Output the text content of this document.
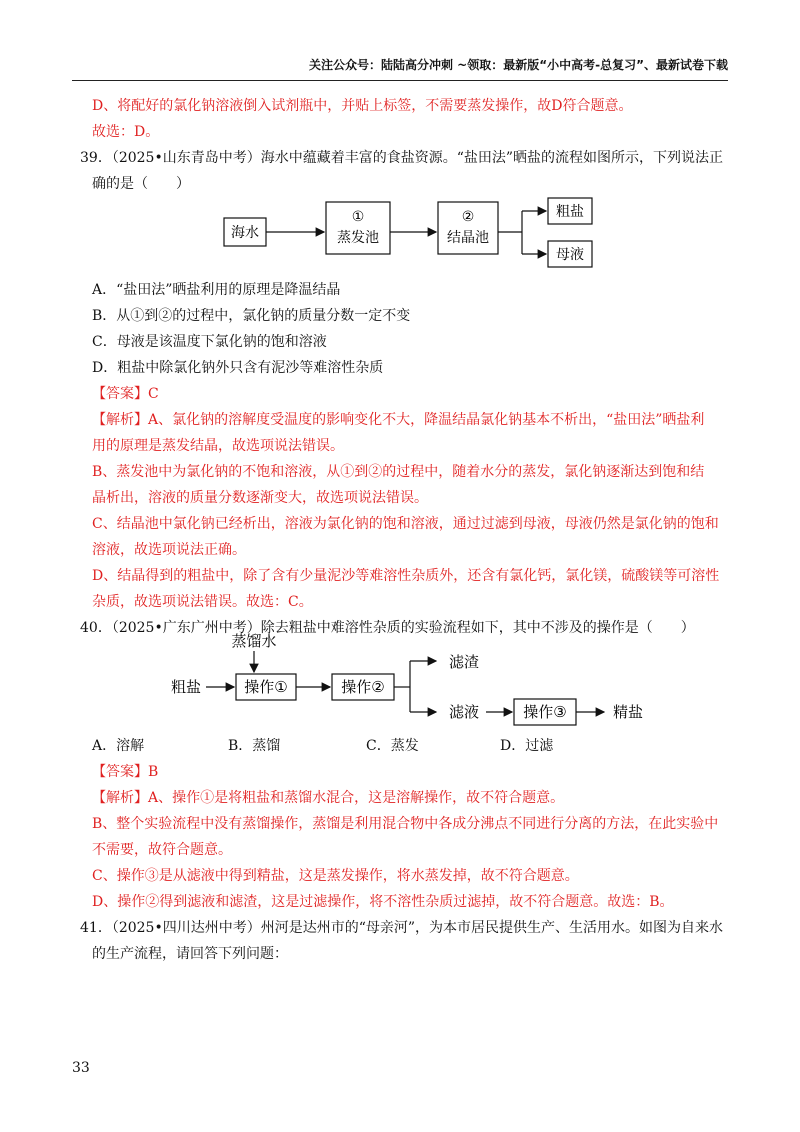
关注公众号：陆陆高分冲刺 ~领取：最新版“小中高考-总复习”、最新试卷下载
D、将配好的氯化钠溶液倒入试剂瓶中，并贴上标签，不需要蒸发操作，故D符合题意。
故选：D。
39．（2025•山东青岛中考）海水中蕴藏着丰富的食盐资源。“盐田法”晒盐的流程如图所示，下列说法正
确的是（　　）
海水
①
蒸发池
②
结晶池
粗盐
母液
A．“盐田法”晒盐利用的原理是降温结晶
B．从①到②的过程中，氯化钠的质量分数一定不变
C．母液是该温度下氯化钠的饱和溶液
D．粗盐中除氯化钠外只含有泥沙等难溶性杂质
【答案】C
【解析】A、氯化钠的溶解度受温度的影响变化不大，降温结晶氯化钠基本不析出，“盐田法”晒盐利
用的原理是蒸发结晶，故选项说法错误。
B、蒸发池中为氯化钠的不饱和溶液，从①到②的过程中，随着水分的蒸发，氯化钠逐渐达到饱和结
晶析出，溶液的质量分数逐渐变大，故选项说法错误。
C、结晶池中氯化钠已经析出，溶液为氯化钠的饱和溶液，通过过滤到母液，母液仍然是氯化钠的饱和
溶液，故选项说法正确。
D、结晶得到的粗盐中，除了含有少量泥沙等难溶性杂质外，还含有氯化钙，氯化镁，硫酸镁等可溶性
杂质，故选项说法错误。故选：C。
40．（2025•广东广州中考）除去粗盐中难溶性杂质的实验流程如下，其中不涉及的操作是（　　）
蒸馏水
粗盐	操作①	操作②
滤渣
滤液	操作③	精盐
A．溶解	B．蒸馏	C．蒸发	D．过滤
【答案】B
【解析】A、操作①是将粗盐和蒸馏水混合，这是溶解操作，故不符合题意。
B、整个实验流程中没有蒸馏操作，蒸馏是利用混合物中各成分沸点不同进行分离的方法，在此实验中
不需要，故符合题意。
C、操作③是从滤液中得到精盐，这是蒸发操作，将水蒸发掉，故不符合题意。
D、操作②得到滤液和滤渣，这是过滤操作，将不溶性杂质过滤掉，故不符合题意。故选：B。
41．（2025•四川达州中考）州河是达州市的“母亲河”，为本市居民提供生产、生活用水。如图为自来水
的生产流程，请回答下列问题：
33
